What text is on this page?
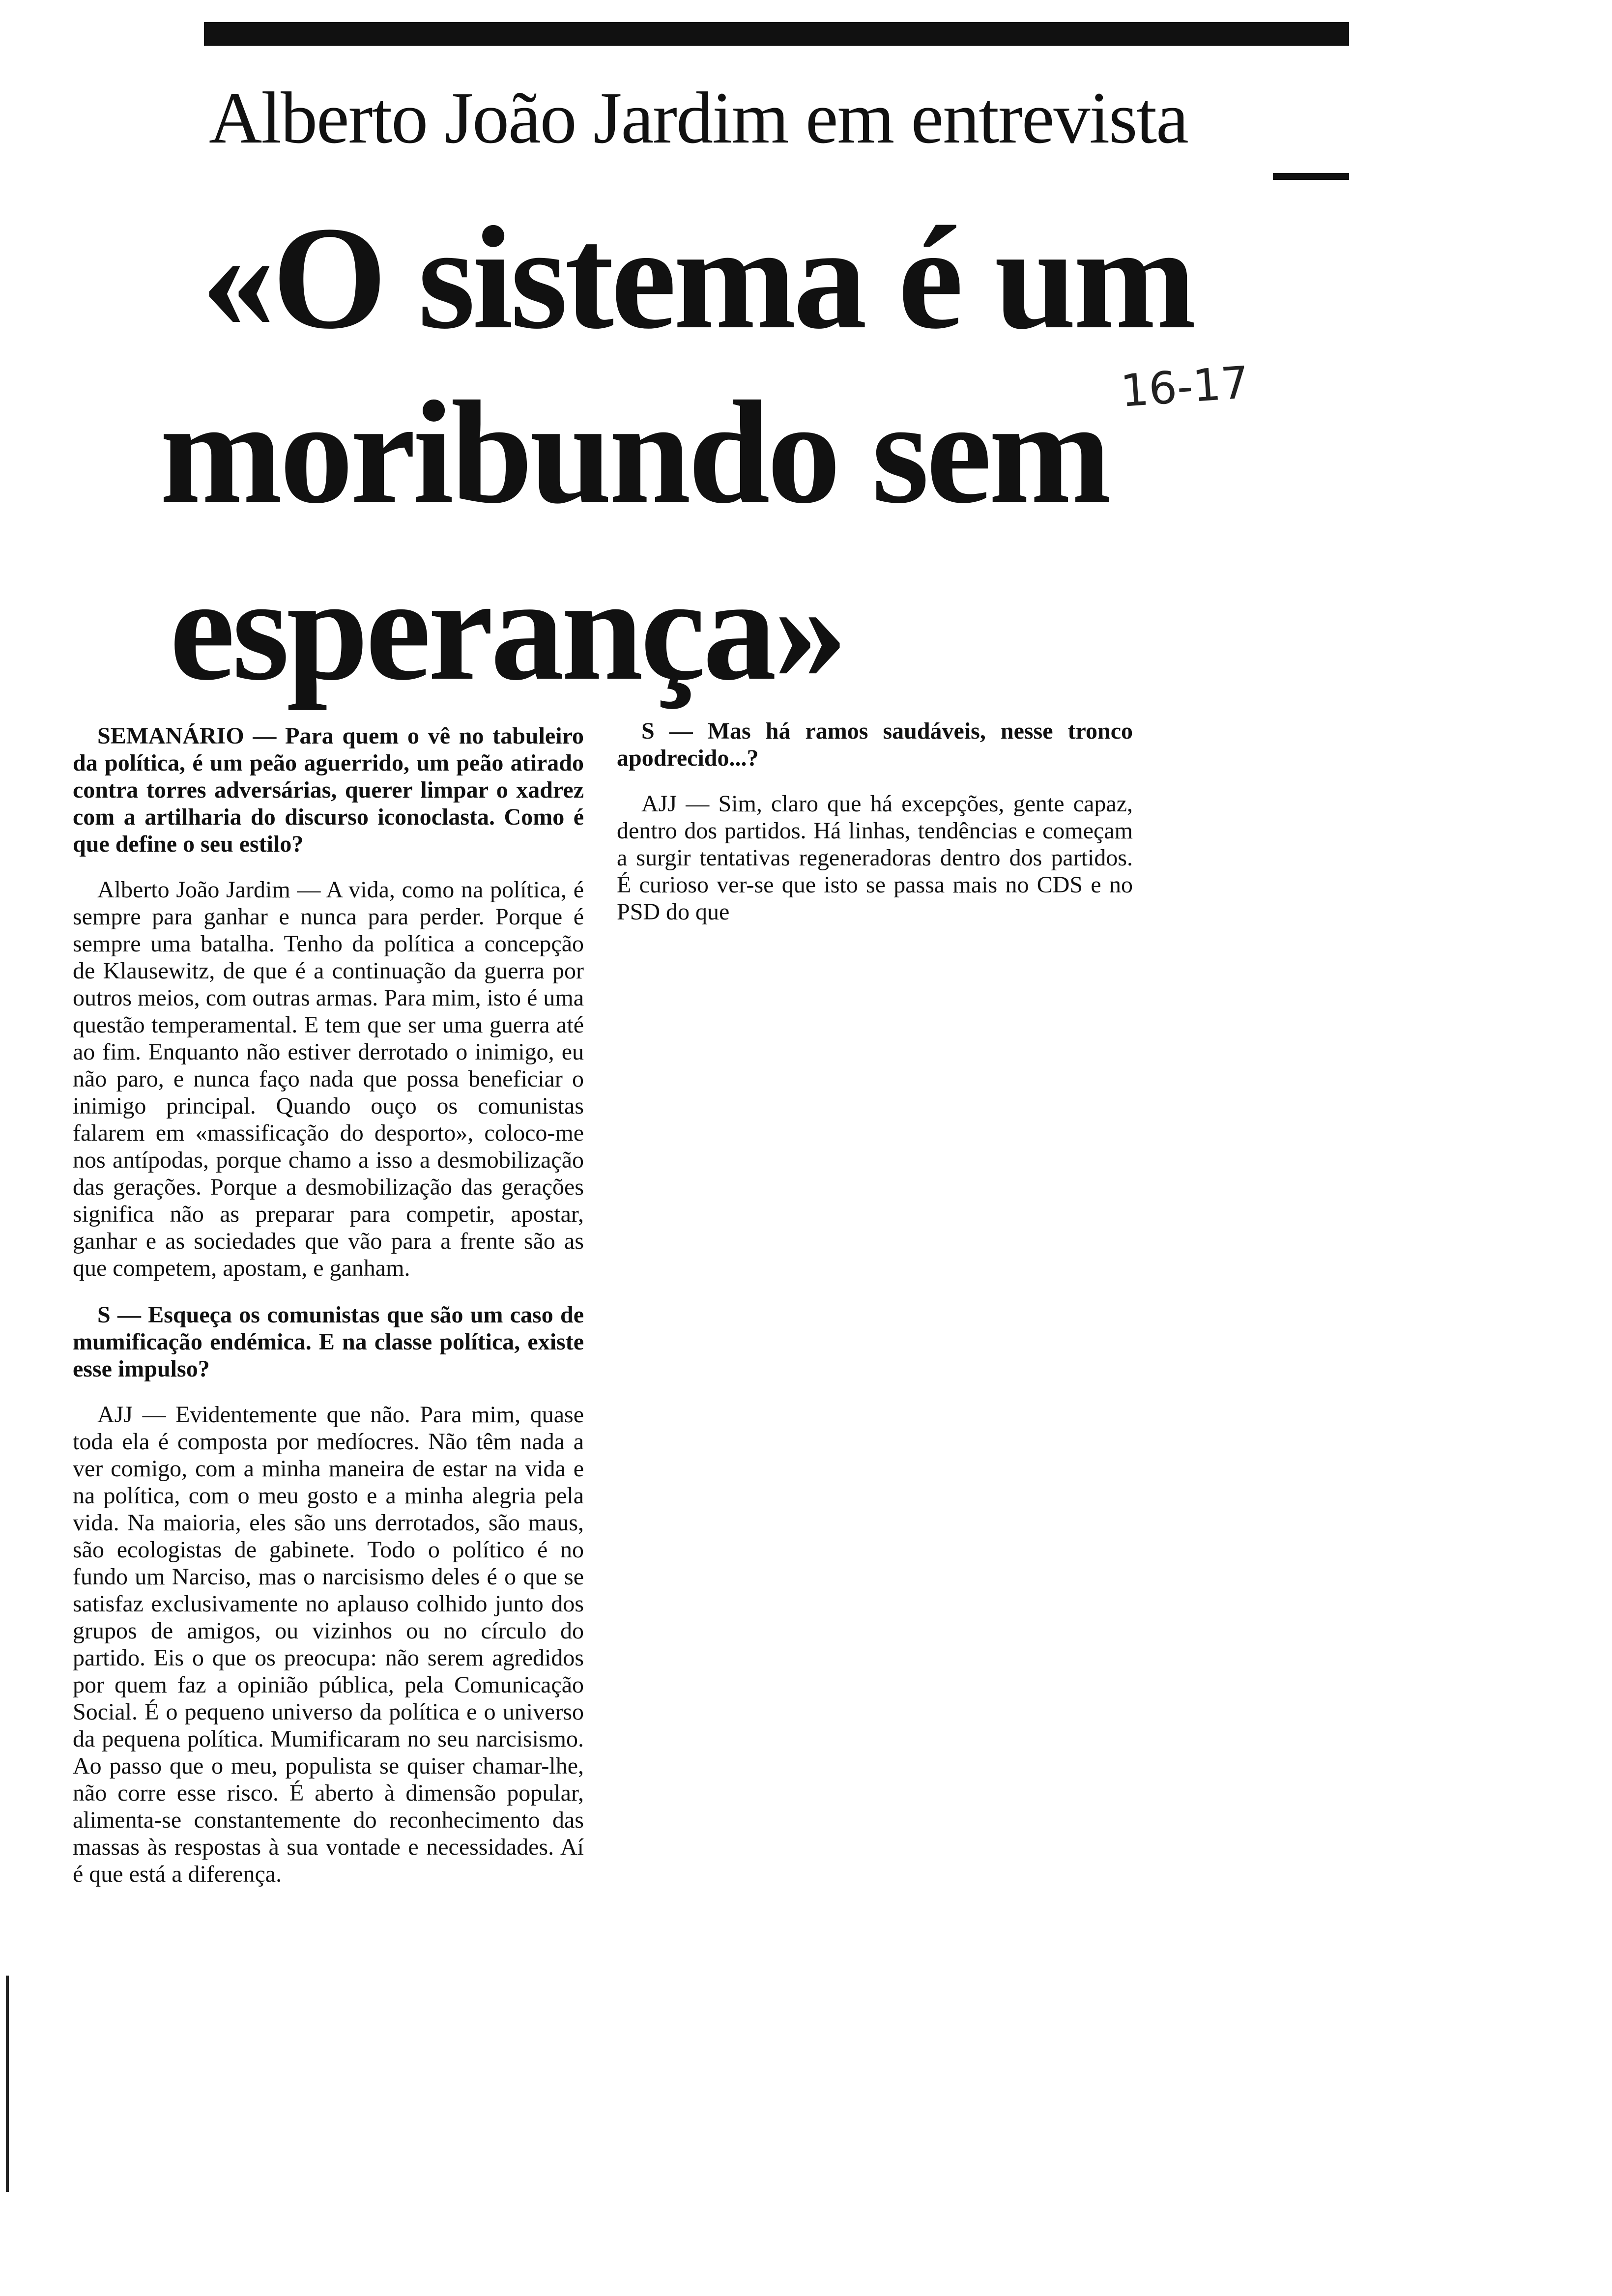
Alberto João Jardim em entrevista
«O sistema é um
moribundo sem
esperança»
16-17

SEMANÁRIO — Para quem o vê no tabuleiro da política, é um peão aguerrido, um peão atirado contra torres adversárias, querer limpar o xadrez com a artilharia do discurso iconoclasta. Como é que define o seu estilo?

Alberto João Jardim — A vida, como na política, é sempre para ganhar e nunca para perder. Porque é sempre uma batalha. Tenho da política a concepção de Klausewitz, de que é a continuação da guerra por outros meios, com outras armas. Para mim, isto é uma questão temperamental. E tem que ser uma guerra até ao fim. Enquanto não estiver derrotado o inimigo, eu não paro, e nunca faço nada que possa beneficiar o inimigo principal. Quando ouço os comunistas falarem em «massificação do desporto», coloco-me nos antípodas, porque chamo a isso a desmobilização das gerações. Porque a desmobilização das gerações significa não as preparar para competir, apostar, ganhar e as sociedades que vão para a frente são as que competem, apostam, e ganham.

S — Esqueça os comunistas que são um caso de mumificação endémica. E na classe política, existe esse impulso?

AJJ — Evidentemente que não. Para mim, quase toda ela é composta por medíocres. Não têm nada a ver comigo, com a minha maneira de estar na vida e na política, com o meu gosto e a minha alegria pela vida. Na maioria, eles são uns derrotados, são maus, são ecologistas de gabinete. Todo o político é no fundo um Narciso, mas o narcisismo deles é o que se satisfaz exclusivamente no aplauso colhido junto dos grupos de amigos, ou vizinhos ou no círculo do partido. Eis o que os preocupa: não serem agredidos por quem faz a opinião pública, pela Comunicação Social. É o pequeno universo da política e o universo da pequena política. Mumificaram no seu narcisismo. Ao passo que o meu, populista se quiser chamar-lhe, não corre esse risco. É aberto à dimensão popular, alimenta-se constantemente do reconhecimento das massas às respostas à sua vontade e necessidades. Aí é que está a diferença.

S — Mas há ramos saudáveis, nesse tronco apodrecido...?

AJJ — Sim, claro que há excepções, gente capaz, dentro dos partidos. Há linhas, tendências e começam a surgir tentativas regeneradoras dentro dos partidos. É curioso ver-se que isto se passa mais no CDS e no PSD do que
